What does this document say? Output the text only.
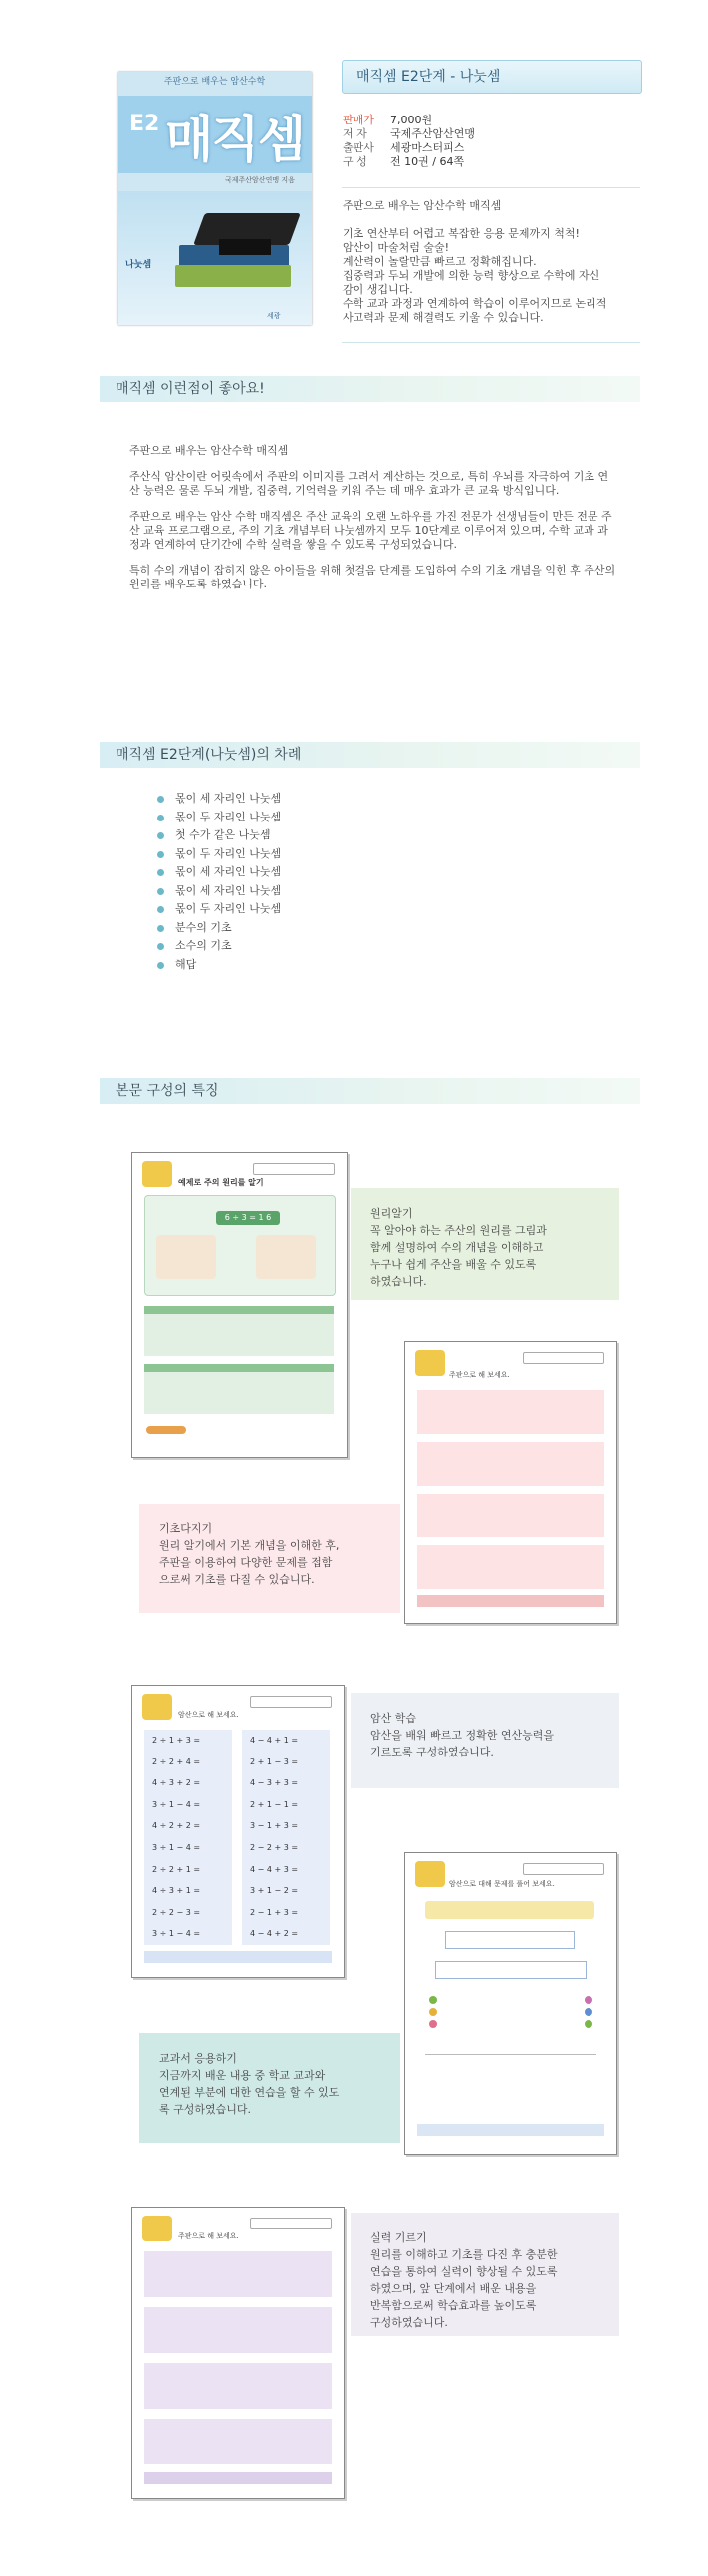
주판으로 배우는 암산수학
E2 매직셈
국제주산암산연맹 지음
나눗셈
세광
매직셈 E2단계 - 나눗셈
판매가	7,000원
저 자	국제주산암산연맹
출판사	세광마스터피스
구 성	전 10권 / 64쪽

주판으로 배우는 암산수학 매직셈

기초 연산부터 어렵고 복잡한 응용 문제까지 척척!

암산이 마술처럼 술술!

계산력이 놀랄만큼 빠르고 정확해집니다.

집중력과 두뇌 개발에 의한 능력 향상으로 수학에 자신

감이 생깁니다.

수학 교과 과정과 연계하여 학습이 이루어지므로 논리적

사고력과 문제 해결력도 키울 수 있습니다.

매직셈 이런점이 좋아요!

주판으로 배우는 암산수학 매직셈

주산식 암산이란 어릿속에서 주판의 이미지를 그려서 계산하는 것으로, 특히 우뇌를 자극하여 기초 연산 능력은 물론 두뇌 개발, 집중력, 기억력을 키워 주는 데 매우 효과가 큰 교육 방식입니다.

주판으로 배우는 암산 수학 매직셈은 주산 교육의 오랜 노하우를 가진 전문가 선생님들이 만든 전문 주산 교육 프로그램으로, 주의 기초 개념부터 나눗셈까지 모두 10단계로 이루어져 있으며, 수학 교과 과정과 연계하여 단기간에 수학 실력을 쌓을 수 있도록 구성되었습니다.

특히 수의 개념이 잡히지 않은 아이들을 위해 첫걸음 단계를 도입하여 수의 기초 개념을 익힌 후 주산의 원리를 배우도록 하였습니다.

매직셈 E2단계(나눗셈)의 차례
몫이 세 자리인 나눗셈
몫이 두 자리인 나눗셈
첫 수가 같은 나눗셈
몫이 두 자리인 나눗셈
몫이 세 자리인 나눗셈
몫이 세 자리인 나눗셈
몫이 두 자리인 나눗셈
분수의 기초
소수의 기초
해답
본문 구성의 특징
예제로 주의 원리를 알기
6 ÷ 3 = 1 6	원리알기
꼭 알아야 하는 주산의 원리를 그림과
함께 설명하여 수의 개념을 이해하고
누구나 쉽게 주산을 배울 수 있도록
하였습니다.
주판으로 해 보세요.
기초다지기
원리 알기에서 기본 개념을 이해한 후,
주판을 이용하여 다양한 문제를 접함
으로써 기초를 다질 수 있습니다.
암산으로 해 보세요.
2 ÷ 1 + 3 =
2 ÷ 2 + 4 =
4 ÷ 3 + 2 =
3 ÷ 1 − 4 =
4 ÷ 2 + 2 =
3 ÷ 1 − 4 =
2 ÷ 2 + 1 =
4 ÷ 3 + 1 =
2 ÷ 2 − 3 =
3 ÷ 1 − 4 =
4 − 4 + 1 =
2 + 1 − 3 =
4 − 3 + 3 =
2 + 1 − 1 =
3 − 1 + 3 =
2 − 2 + 3 =
4 − 4 + 3 =
3 + 1 − 2 =
2 − 1 + 3 =
4 − 4 + 2 =
암산 학습
암산을 배워 빠르고 정확한 연산능력을
기르도록 구성하였습니다.
암산으로 대해 문제를 풀어 보세요.
교과서 응용하기
지금까지 배운 내용 중 학교 교과와
연계된 부분에 대한 연습을 할 수 있도
록 구성하였습니다.
주판으로 해 보세요.	실력 기르기
원리를 이해하고 기초를 다진 후 충분한
연습을 통하여 실력이 향상될 수 있도록
하였으며, 앞 단계에서 배운 내용을
반복함으로써 학습효과를 높이도록
구성하였습니다.
